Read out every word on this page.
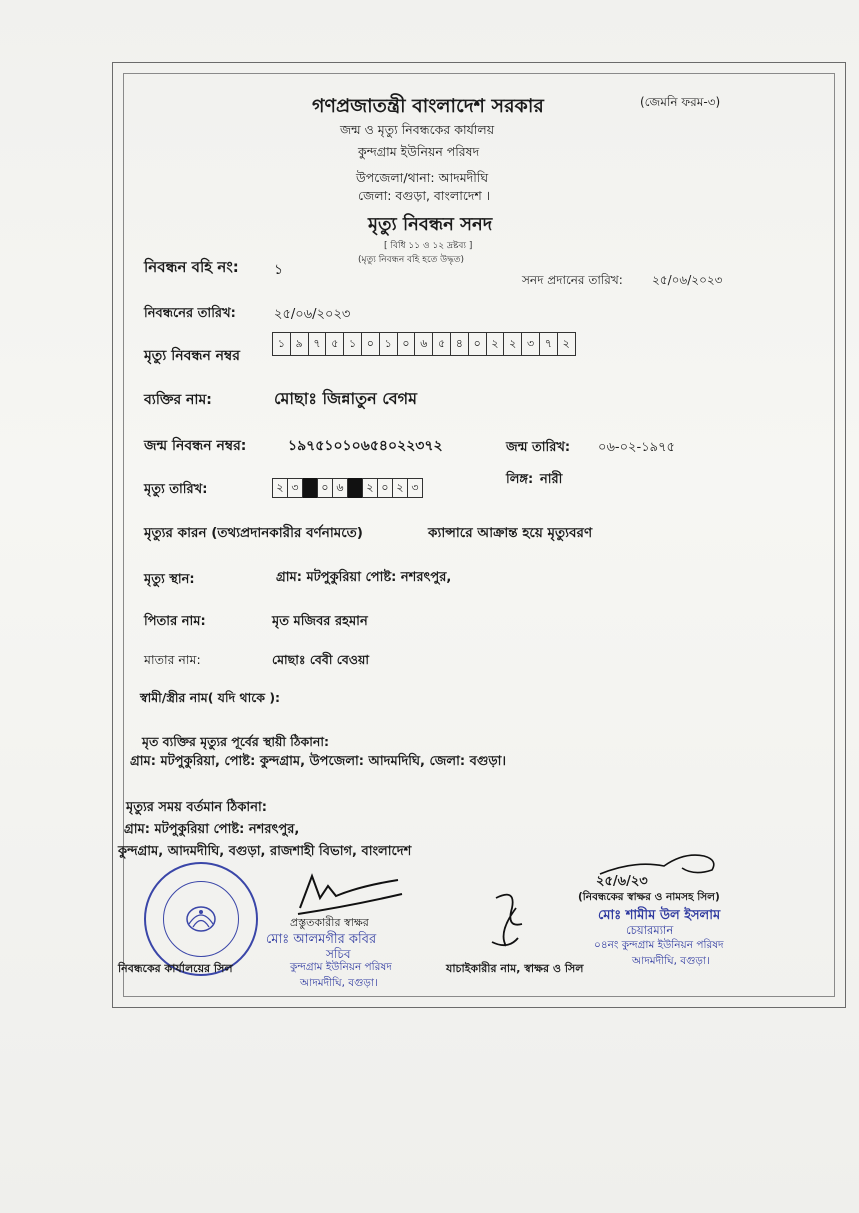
গণপ্রজাতন্ত্রী বাংলাদেশ সরকার	(জেমনি ফরম-৩)
জন্ম ও মৃত্যু নিবন্ধকের কার্যালয়
কুন্দগ্রাম ইউনিয়ন পরিষদ
উপজেলা/থানা: আদমদীঘি
জেলা: বগুড়া, বাংলাদেশ ।
মৃত্যু নিবন্ধন সনদ
[ বিধি ১১ ও ১২ দ্রষ্টব্য ]
(মৃত্যু নিবন্ধন বহি হতে উদ্ধৃত)
নিবন্ধন বহি নং:	১
সনদ প্রদানের তারিখ: ২৫/০৬/২০২৩
নিবন্ধনের তারিখ:	২৫/০৬/২০২৩
মৃত্যু নিবন্ধন নম্বর
১ ৯ ৭ ৫ ১ ০ ১ ০ ৬ ৫ ৪ ০ ২ ২ ৩ ৭ ২
ব্যক্তির নাম:	মোছাঃ জিন্নাতুন বেগম
জন্ম নিবন্ধন নম্বর:	১৯৭৫১০১০৬৫৪০২২৩৭২	জন্ম তারিখ: ০৬-০২-১৯৭৫
লিঙ্গ: নারী
মৃত্যু তারিখ:	২ ৩	০ ৬	২ ০ ২ ৩
মৃত্যুর কারন (তথ্যপ্রদানকারীর বর্ণনামতে)	ক্যান্সারে আক্রান্ত হয়ে মৃত্যুবরণ
মৃত্যু স্থান:	গ্রাম: মটপুকুরিয়া পোষ্ট: নশরৎপুর,
পিতার নাম:	মৃত মজিবর রহমান
মাতার নাম:	মোছাঃ বেবী বেওয়া
স্বামী/স্ত্রীর নাম( যদি থাকে ):
মৃত ব্যক্তির মৃত্যুর পূর্বের স্থায়ী ঠিকানা:
গ্রাম: মটপুকুরিয়া, পোষ্ট: কুন্দগ্রাম, উপজেলা: আদমদিঘি, জেলা: বগুড়া।
মৃত্যুর সময় বর্তমান ঠিকানা:
গ্রাম: মটপুকুরিয়া পোষ্ট: নশরৎপুর,
কুন্দগ্রাম, আদমদীঘি, বগুড়া, রাজশাহী বিভাগ, বাংলাদেশ
প্রস্তুতকারীর স্বাক্ষর
মোঃ আলমগীর কবির
সচিব
কুন্দগ্রাম ইউনিয়ন পরিষদ
আদমদীঘি, বগুড়া।
নিবন্ধকের কার্যালয়ের সিল	যাচাইকারীর নাম, স্বাক্ষর ও সিল
২৫/৬/২৩
(নিবন্ধকের স্বাক্ষর ও নামসহ সিল)
মোঃ শামীম উল ইসলাম
চেয়ারম্যান
০৪নং কুন্দগ্রাম ইউনিয়ন পরিষদ
আদমদীঘি, বগুড়া।
